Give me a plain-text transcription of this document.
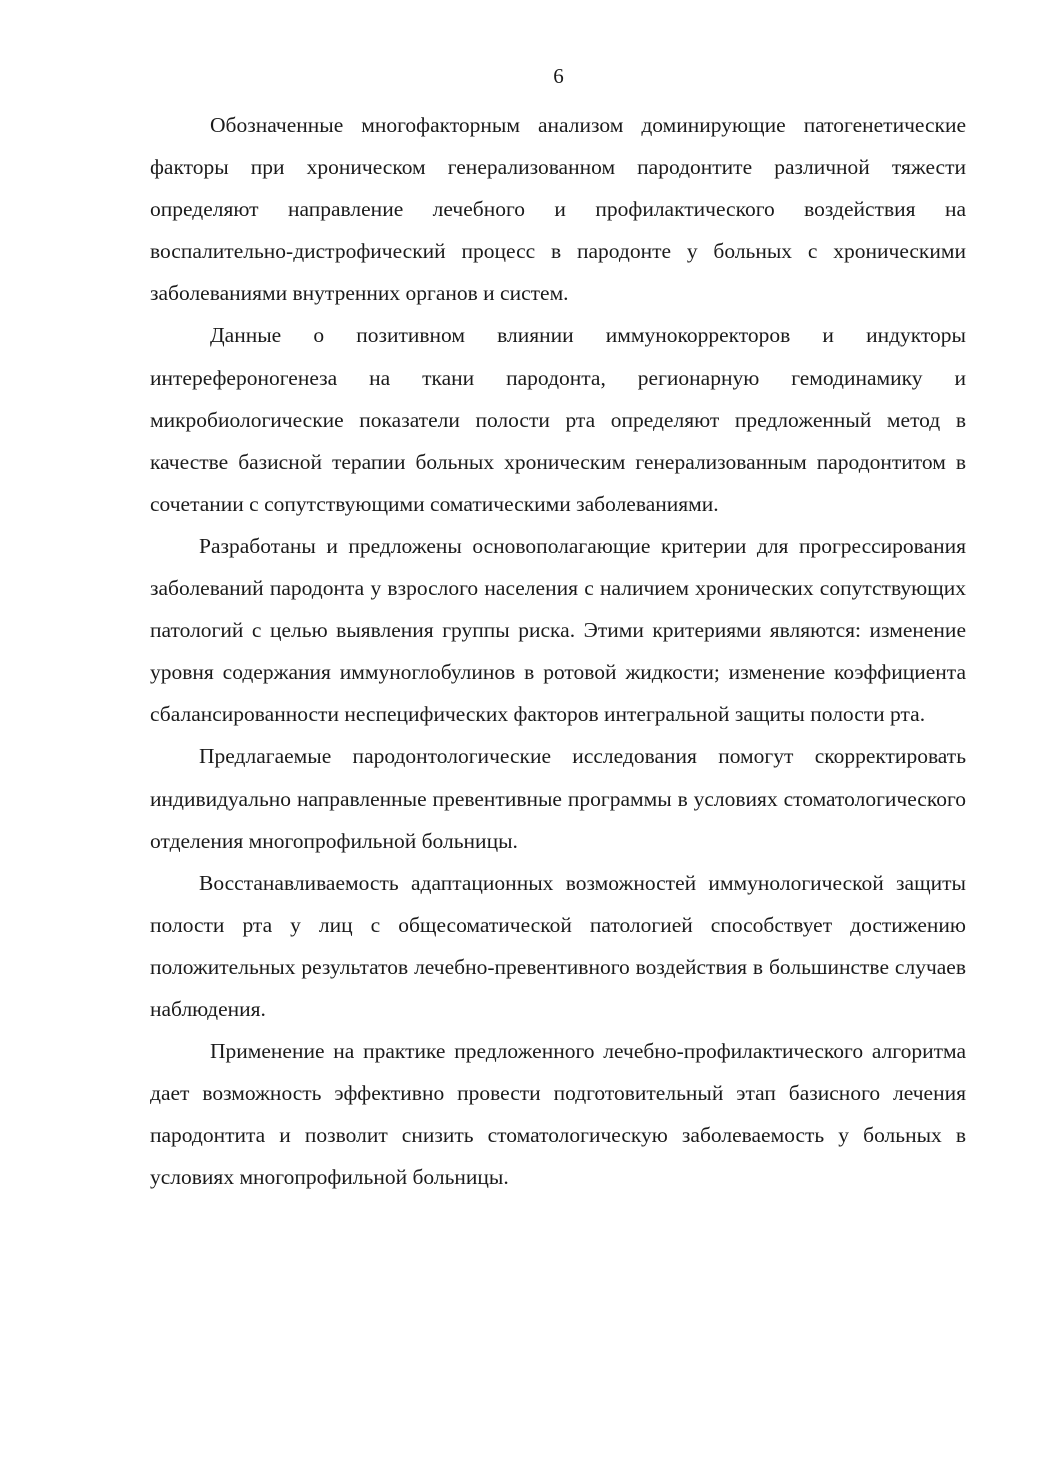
6

Обозначенные многофакторным анализом доминирующие патогенетические факторы при хроническом генерализованном пародонтите различной тяжести определяют направление лечебного и профилактического воздействия на воспалительно-дистрофический процесс в пародонте у больных с хроническими заболеваниями внутренних органов и систем.

Данные о позитивном влиянии иммунокорректоров и индукторы интерефероногенеза на ткани пародонта, регионарную гемодинамику и микробиологические показатели полости рта определяют предложенный метод в качестве базисной терапии больных хроническим генерализованным пародонтитом в сочетании с сопутствующими соматическими заболеваниями.

Разработаны и предложены основополагающие критерии для прогрессирования заболеваний пародонта у взрослого населения с наличием хронических сопутствующих патологий с целью выявления группы риска. Этими критериями являются: изменение уровня содержания иммуноглобулинов в ротовой жидкости; изменение коэффициента сбалансированности неспецифических факторов интегральной защиты полости рта.

Предлагаемые пародонтологические исследования помогут скорректировать индивидуально направленные превентивные программы в условиях стоматологического отделения многопрофильной больницы.

Восстанавливаемость адаптационных возможностей иммунологической защиты полости рта у лиц с общесоматической патологией способствует достижению положительных результатов лечебно-превентивного воздействия в большинстве случаев наблюдения.

Применение на практике предложенного лечебно-профилактического алгоритма дает возможность эффективно провести подготовительный этап базисного лечения пародонтита и позволит снизить стоматологическую заболеваемость у больных в условиях многопрофильной больницы.
